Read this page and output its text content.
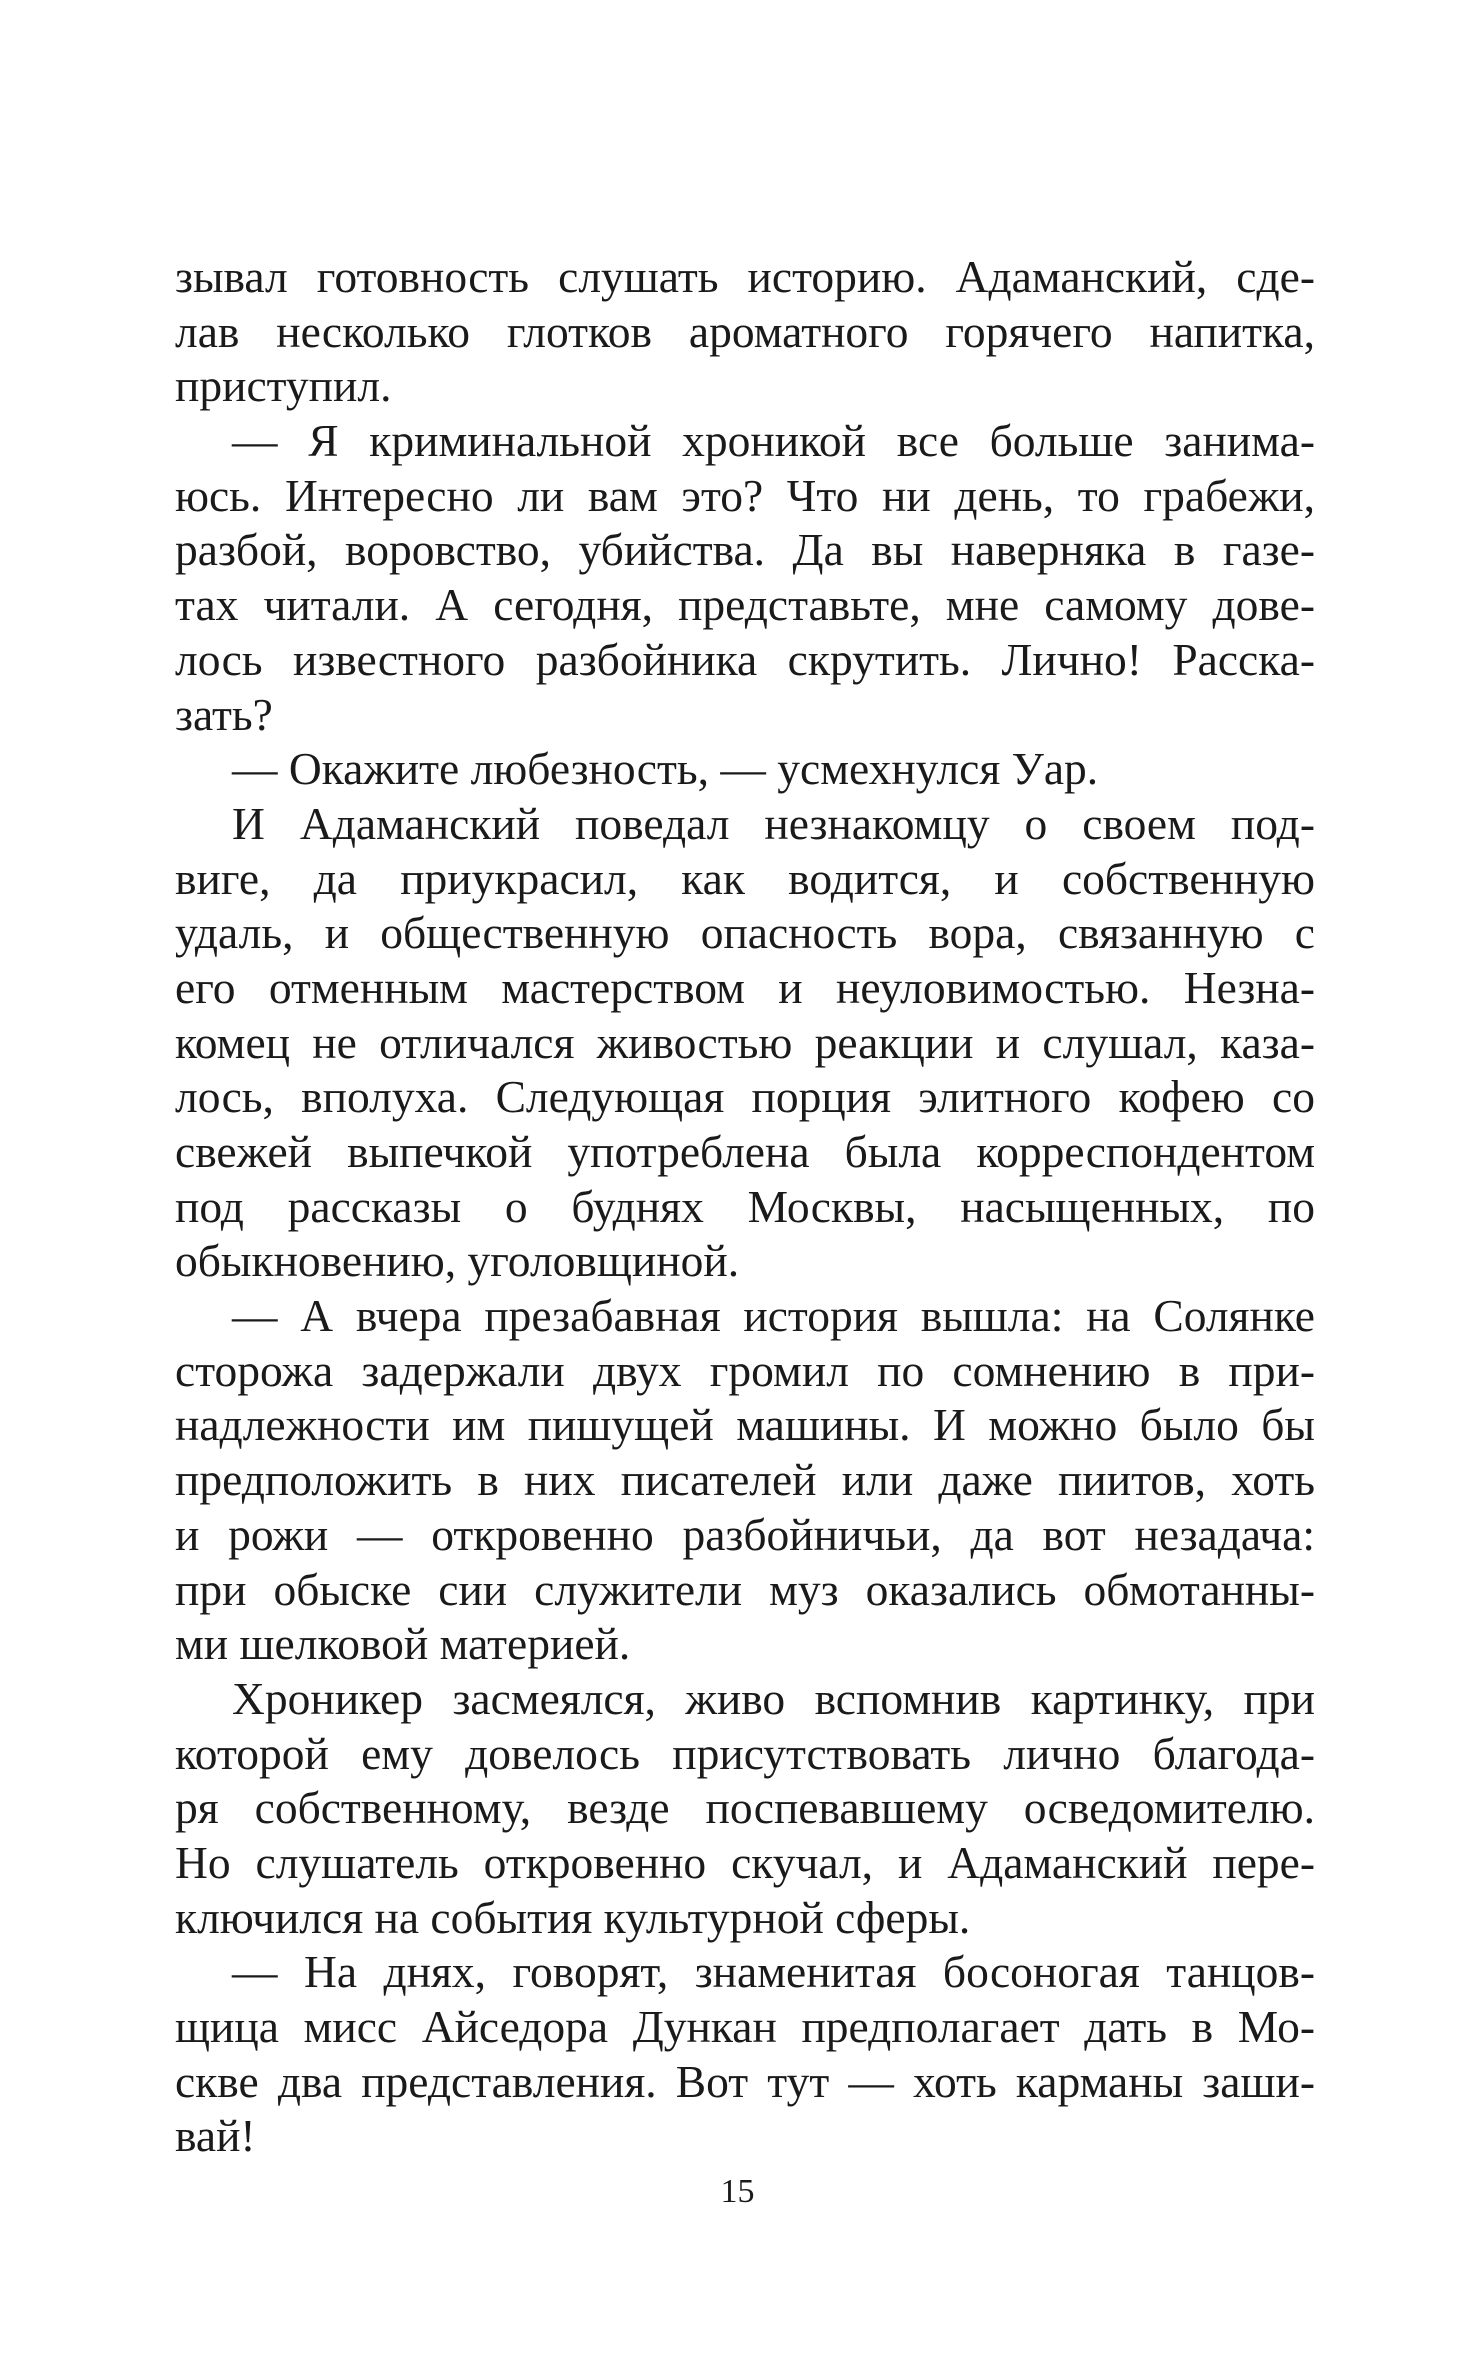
зывал готовность слушать историю. Адаманский, сде-
лав несколько глотков ароматного горячего напитка,
приступил.
— Я криминальной хроникой все больше занима-
юсь. Интересно ли вам это? Что ни день, то грабежи,
разбой, воровство, убийства. Да вы наверняка в газе-
тах читали. А сегодня, представьте, мне самому дове-
лось известного разбойника скрутить. Лично! Расска-
зать?
— Окажите любезность, — усмехнулся Уар.
И Адаманский поведал незнакомцу о своем под-
виге, да приукрасил, как водится, и собственную
удаль, и общественную опасность вора, связанную с
его отменным мастерством и неуловимостью. Незна-
комец не отличался живостью реакции и слушал, каза-
лось, вполуха. Следующая порция элитного кофею со
свежей выпечкой употреблена была корреспондентом
под рассказы о буднях Москвы, насыщенных, по
обыкновению, уголовщиной.
— А вчера презабавная история вышла: на Солянке
сторожа задержали двух громил по сомнению в при-
надлежности им пишущей машины. И можно было бы
предположить в них писателей или даже пиитов, хоть
и рожи — откровенно разбойничьи, да вот незадача:
при обыске сии служители муз оказались обмотанны-
ми шелковой материей.
Хроникер засмеялся, живо вспомнив картинку, при
которой ему довелось присутствовать лично благода-
ря собственному, везде поспевавшему осведомителю.
Но слушатель откровенно скучал, и Адаманский пере-
ключился на события культурной сферы.
— На днях, говорят, знаменитая босоногая танцов-
щица мисс Айседора Дункан предполагает дать в Мо-
скве два представления. Вот тут — хоть карманы заши-
вай!
15
